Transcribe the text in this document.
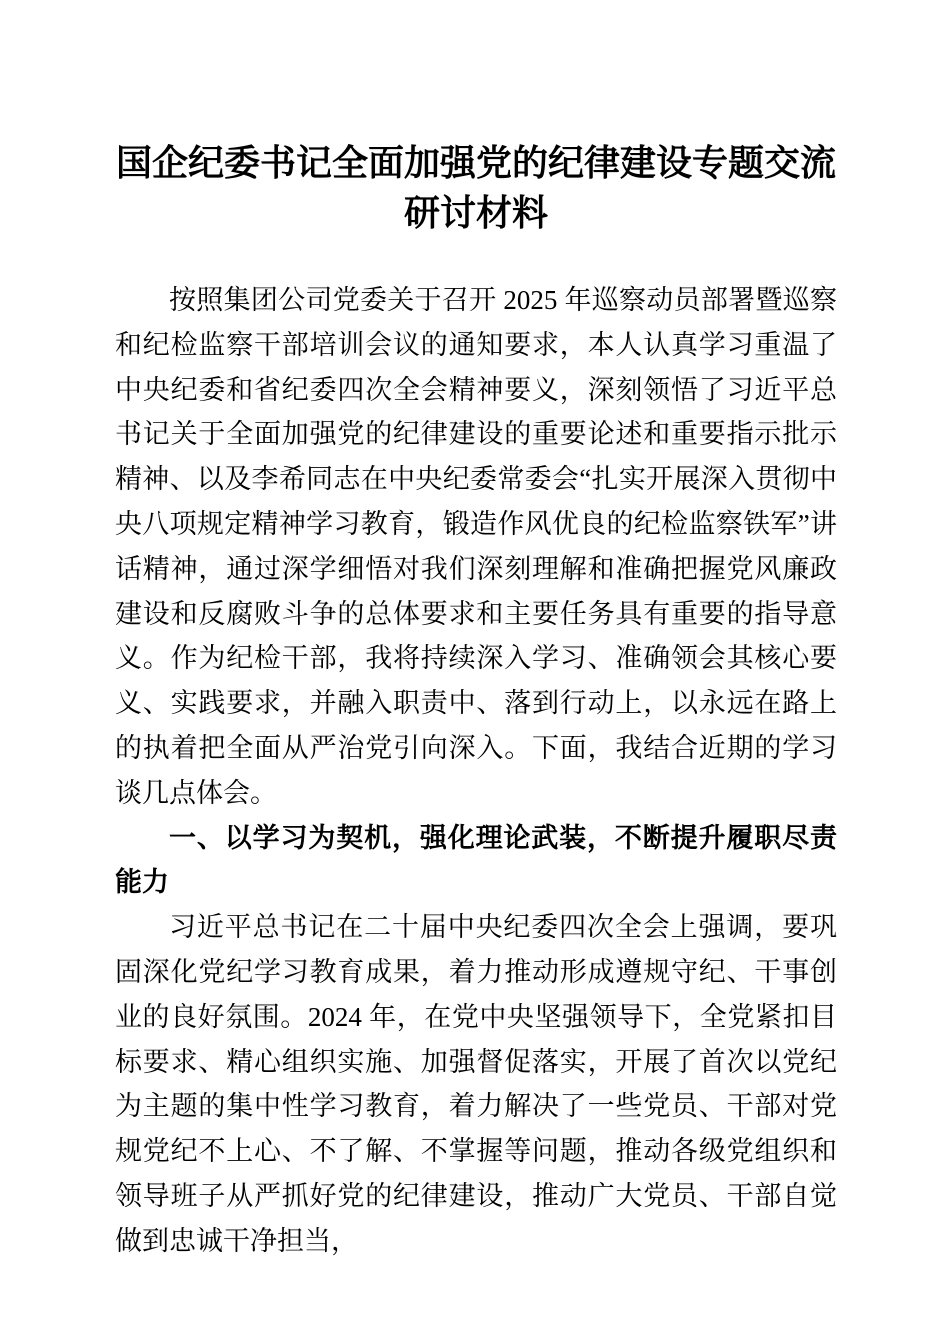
国企纪委书记全面加强党的纪律建设专题交流研讨材料

按照集团公司党委关于召开 2025 年巡察动员部署暨巡察和纪检监察干部培训会议的通知要求，本人认真学习重温了中央纪委和省纪委四次全会精神要义，深刻领悟了习近平总书记关于全面加强党的纪律建设的重要论述和重要指示批示精神、以及李希同志在中央纪委常委会“扎实开展深入贯彻中央八项规定精神学习教育，锻造作风优良的纪检监察铁军”讲话精神，通过深学细悟对我们深刻理解和准确把握党风廉政建设和反腐败斗争的总体要求和主要任务具有重要的指导意义。作为纪检干部，我将持续深入学习、准确领会其核心要义、实践要求，并融入职责中、落到行动上，以永远在路上的执着把全面从严治党引向深入。下面，我结合近期的学习谈几点体会。

一、以学习为契机，强化理论武装，不断提升履职尽责能力

习近平总书记在二十届中央纪委四次全会上强调，要巩固深化党纪学习教育成果，着力推动形成遵规守纪、干事创业的良好氛围。2024 年，在党中央坚强领导下，全党紧扣目标要求、精心组织实施、加强督促落实，开展了首次以党纪为主题的集中性学习教育，着力解决了一些党员、干部对党规党纪不上心、不了解、不掌握等问题，推动各级党组织和领导班子从严抓好党的纪律建设，推动广大党员、干部自觉做到忠诚干净担当，
